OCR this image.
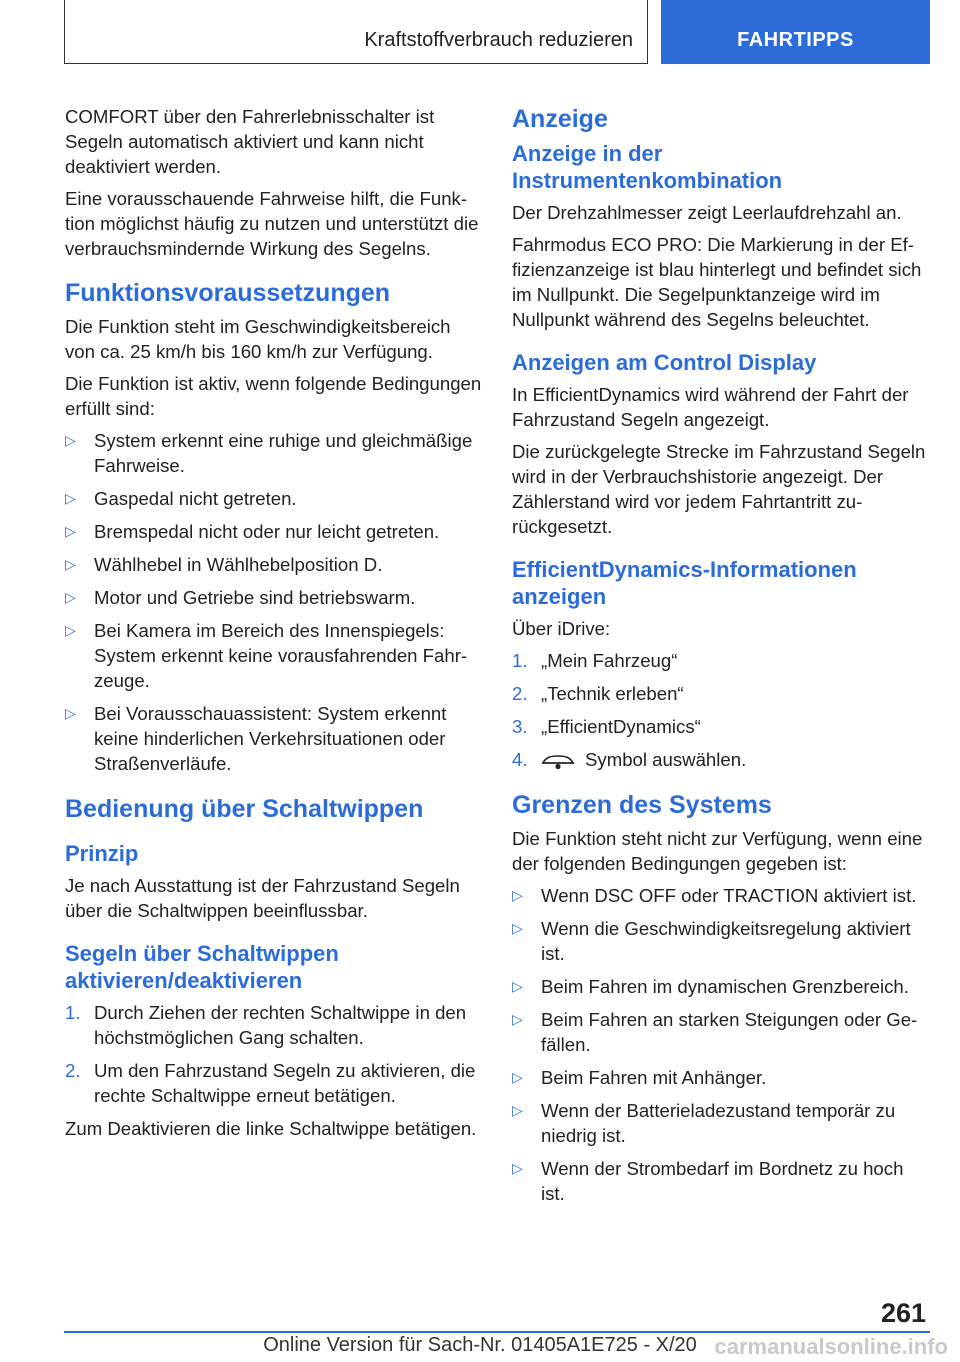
Kraftstoffverbrauch reduzieren	FAHRTIPPS

COMFORT über den Fahrerlebnisschalter ist Segeln automatisch aktiviert und kann nicht deaktiviert werden.

Eine vorausschauende Fahrweise hilft, die Funktion möglichst häufig zu nutzen und unterstützt die verbrauchsmindernde Wirkung des Segelns.

Funktionsvoraussetzungen

Die Funktion steht im Geschwindigkeitsbereich von ca. 25 km/h bis 160 km/h zur Verfügung.

Die Funktion ist aktiv, wenn folgende Bedingungen erfüllt sind:

▷ System erkennt eine ruhige und gleichmäßige Fahrweise.
▷ Gaspedal nicht getreten.
▷ Bremspedal nicht oder nur leicht getreten.
▷ Wählhebel in Wählhebelposition D.
▷ Motor und Getriebe sind betriebswarm.
▷ Bei Kamera im Bereich des Innenspiegels: System erkennt keine vorausfahrenden Fahrzeuge.
▷ Bei Vorausschauassistent: System erkennt keine hinderlichen Verkehrsituationen oder Straßenverläufe.
Bedienung über Schaltwippen
Prinzip

Je nach Ausstattung ist der Fahrzustand Segeln über die Schaltwippen beeinflussbar.

Segeln über Schaltwippen aktivieren/deaktivieren
1. Durch Ziehen der rechten Schaltwippe in den höchstmöglichen Gang schalten.
2. Um den Fahrzustand Segeln zu aktivieren, die rechte Schaltwippe erneut betätigen.

Zum Deaktivieren die linke Schaltwippe betätigen.

Anzeige
Anzeige in der Instrumentenkombination

Der Drehzahlmesser zeigt Leerlaufdrehzahl an.

Fahrmodus ECO PRO: Die Markierung in der Effizienzanzeige ist blau hinterlegt und befindet sich im Nullpunkt. Die Segelpunktanzeige wird im Nullpunkt während des Segelns beleuchtet.

Anzeigen am Control Display

In EfficientDynamics wird während der Fahrt der Fahrzustand Segeln angezeigt.

Die zurückgelegte Strecke im Fahrzustand Segeln wird in der Verbrauchshistorie angezeigt. Der Zählerstand wird vor jedem Fahrtantritt zurückgesetzt.

EfficientDynamics-Informationen anzeigen

Über iDrive:

1. „Mein Fahrzeug“
2. „Technik erleben“
3. „EfficientDynamics“
4.	Symbol auswählen.
Grenzen des Systems

Die Funktion steht nicht zur Verfügung, wenn eine der folgenden Bedingungen gegeben ist:

▷ Wenn DSC OFF oder TRACTION aktiviert ist.
▷ Wenn die Geschwindigkeitsregelung aktiviert ist.
▷ Beim Fahren im dynamischen Grenzbereich.
▷ Beim Fahren an starken Steigungen oder Gefällen.
▷ Beim Fahren mit Anhänger.
▷ Wenn der Batterieladezustand temporär zu niedrig ist.
▷ Wenn der Strombedarf im Bordnetz zu hoch ist.
261
Online Version für Sach-Nr. 01405A1E725 - X/20 carmanualsonline.info
